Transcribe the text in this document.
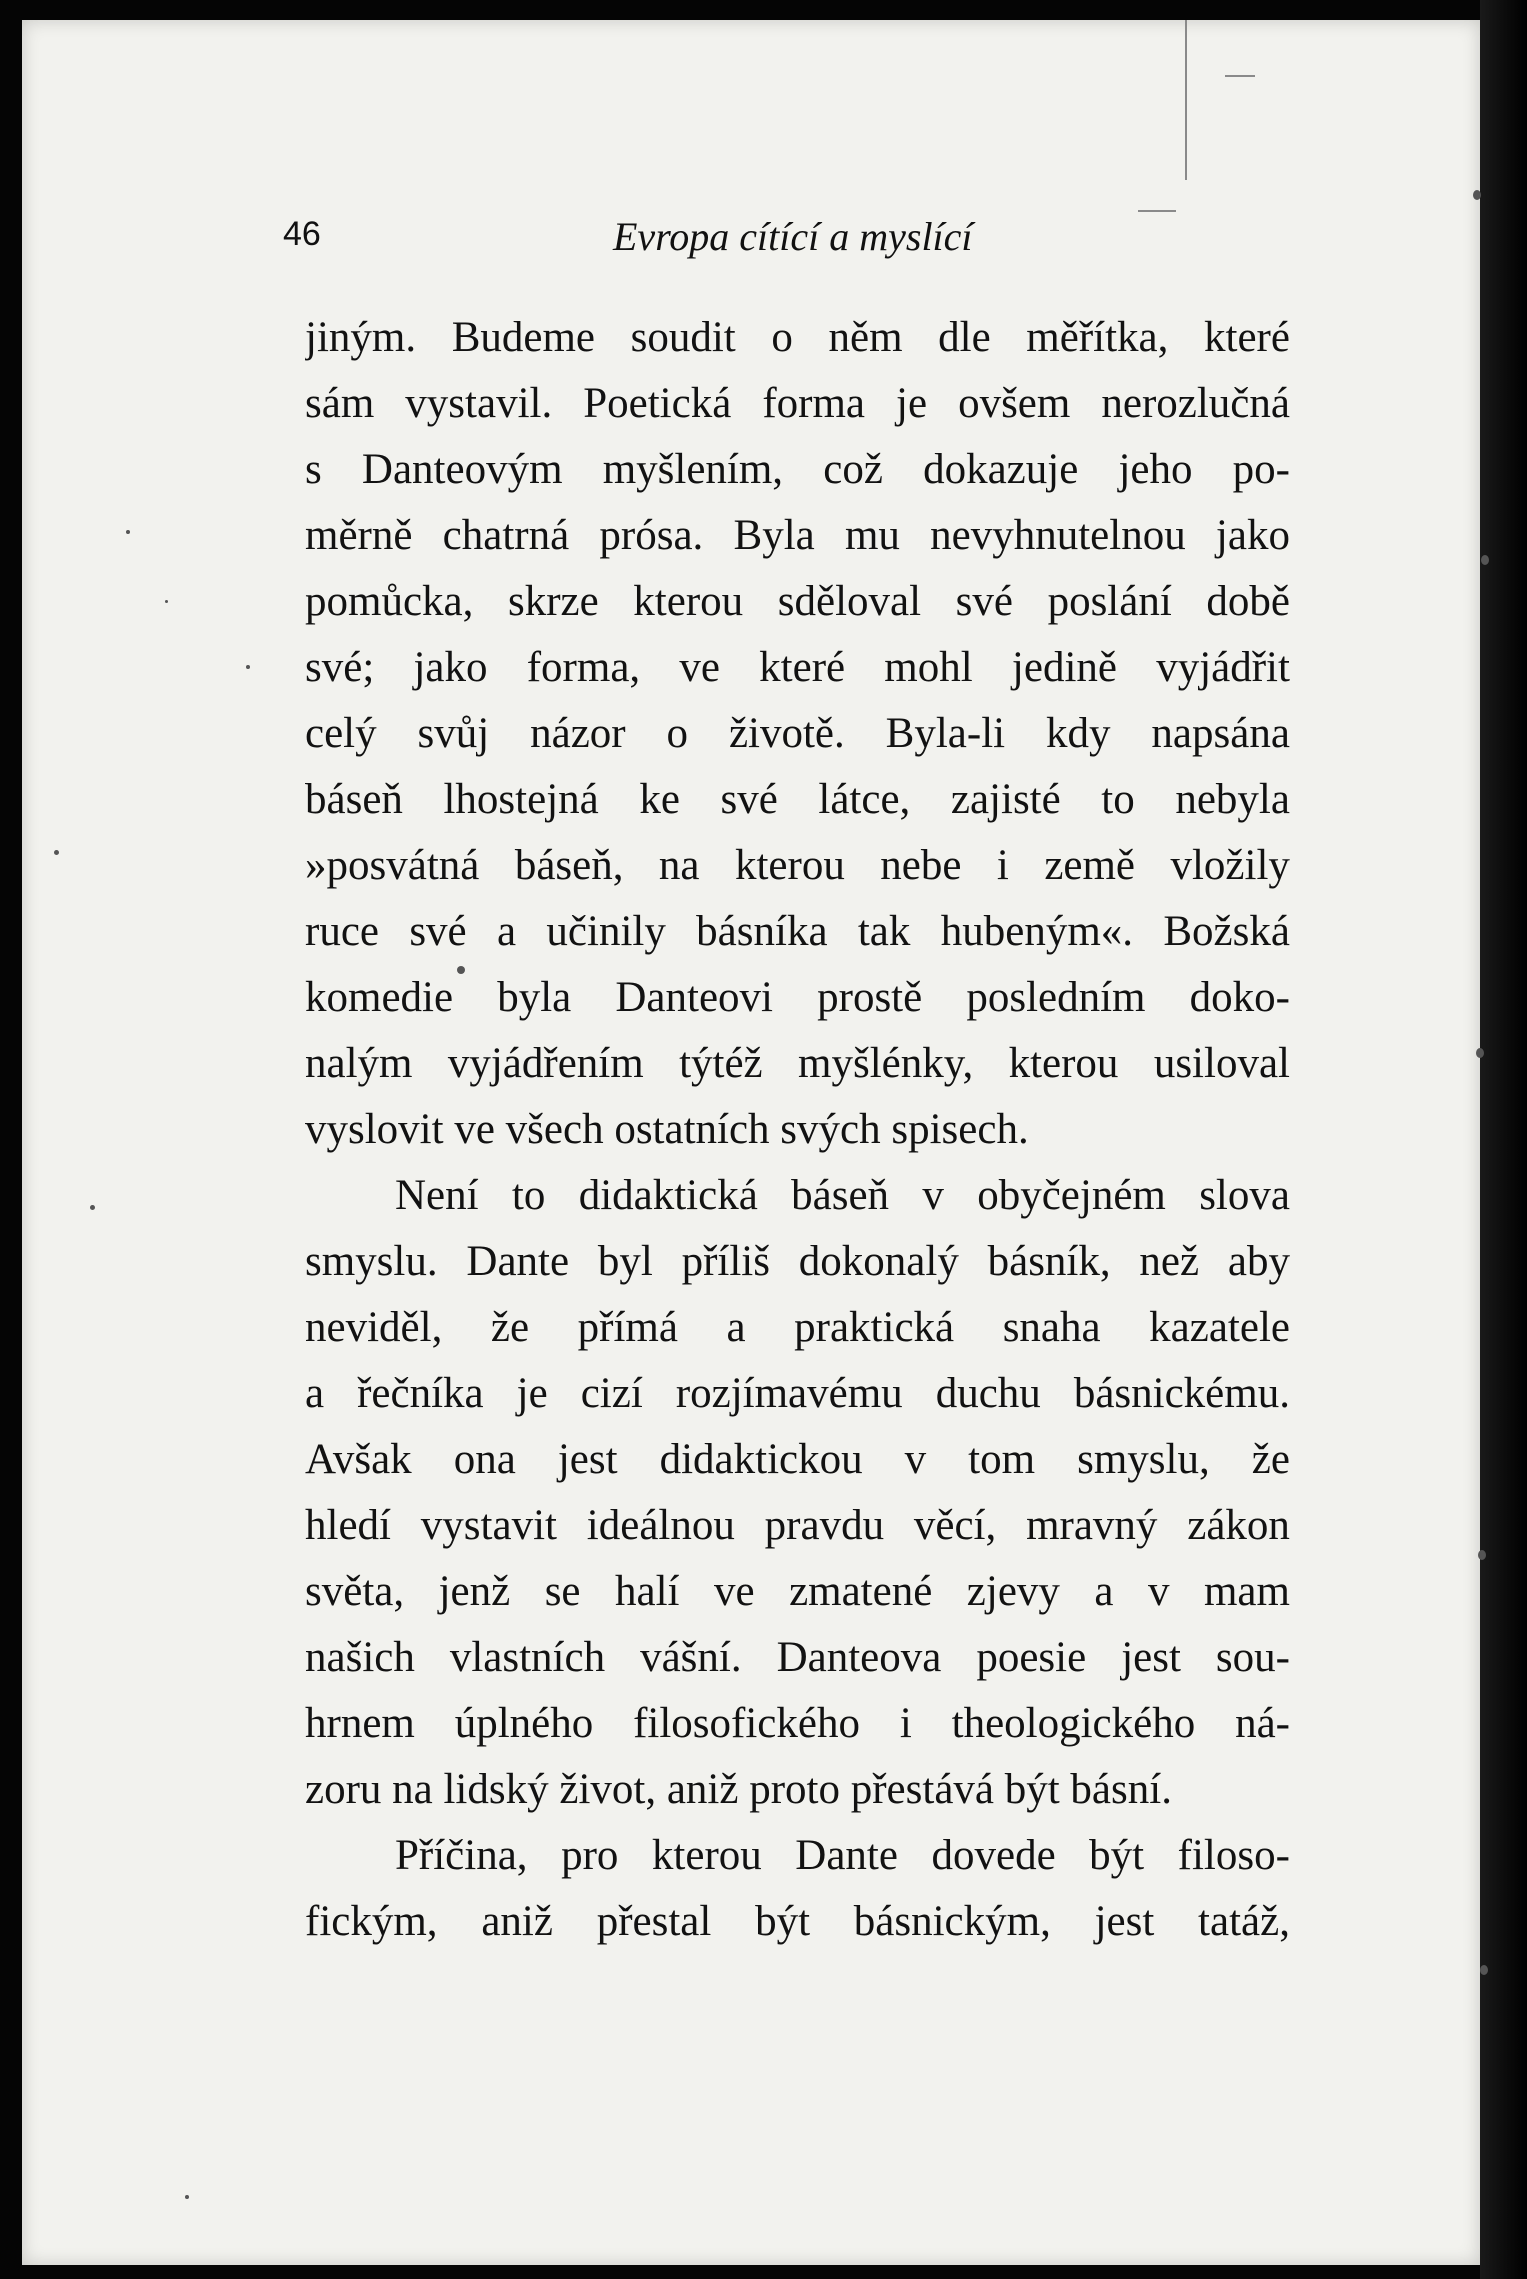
46	Evropa cítící a myslící
jiným. Budeme soudit o něm dle měřítka, které
sám vystavil. Poetická forma je ovšem nerozlučná
s Danteovým myšlením, což dokazuje jeho po-
měrně chatrná prósa. Byla mu nevyhnutelnou jako
pomůcka, skrze kterou sděloval své poslání době
své; jako forma, ve které mohl jedině vyjádřit
celý svůj názor o životě. Byla-li kdy napsána
báseň lhostejná ke své látce, zajisté to nebyla
»posvátná báseň, na kterou nebe i země vložily
ruce své a učinily básníka tak hubeným«. Božská
komedie byla Danteovi prostě posledním doko-
nalým vyjádřením týtéž myšlénky, kterou usiloval
vyslovit ve všech ostatních svých spisech.
Není to didaktická báseň v obyčejném slova
smyslu. Dante byl příliš dokonalý básník, než aby
neviděl, že přímá a praktická snaha kazatele
a řečníka je cizí rozjímavému duchu básnickému.
Avšak ona jest didaktickou v tom smyslu, že
hledí vystavit ideálnou pravdu věcí, mravný zákon
světa, jenž se halí ve zmatené zjevy a v mam
našich vlastních vášní. Danteova poesie jest sou-
hrnem úplného filosofického i theologického ná-
zoru na lidský život, aniž proto přestává být básní.
Příčina, pro kterou Dante dovede být filoso-
fickým, aniž přestal být básnickým, jest tatáž,
